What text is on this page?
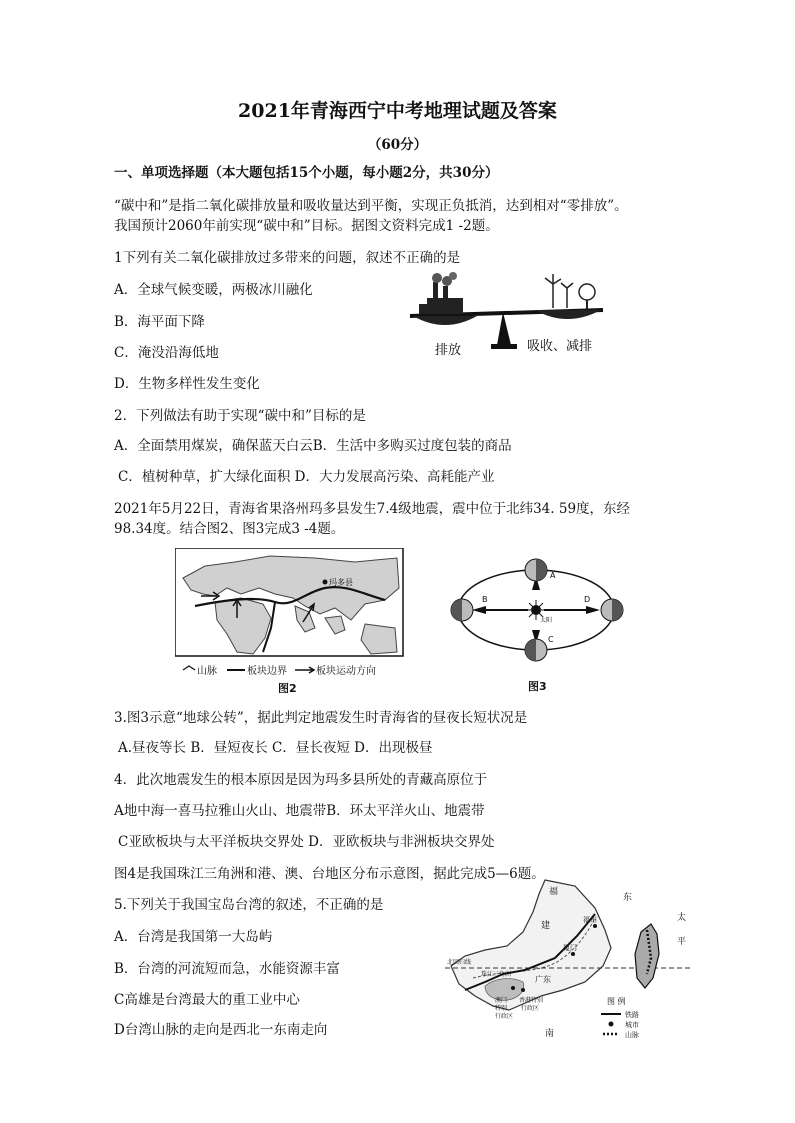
2021年青海西宁中考地理试题及答案
（60分）
一、单项选择题（本大题包括15个小题，每小题2分，共30分）
“碳中和”是指二氧化碳排放量和吸收量达到平衡，实现正负抵消，达到相对“零排放”。
我国预计2060年前实现“碳中和”目标。据图文资料完成1 -2题。
1下列有关二氧化碳排放过多带来的问题，叙述不正确的是
A．全球气候变暖，两极冰川融化
B．海平面下降
C．淹没沿海低地
D．生物多样性发生变化
排放	吸收、减排
2．下列做法有助于实现“碳中和”目标的是
A．全面禁用煤炭，确保蓝天白云B．生活中多购买过度包装的商品
C．植树种草，扩大绿化面积 D．大力发展高污染、高耗能产业
2021年5月22日，青海省果洛州玛多县发生7.4级地震，震中位于北纬34. 59度，东经
98.34度。结合图2、图3完成3 -4题。
玛多县
山脉	板块边界	板块运动方向
图2
太阳
A
B
C
D
图3
3.图3示意“地球公转”，据此判定地震发生时青海省的昼夜长短状况是
A.昼夜等长 B．昼短夜长 C．昼长夜短 D．出现极昼
4．此次地震发生的根本原因是因为玛多县所处的青藏高原位于
A地中海一喜马拉雅山火山、地震带B．环太平洋火山、地震带
C亚欧板块与太平洋板块交界处 D．亚欧板块与非洲板块交界处
图4是我国珠江三角洲和港、澳、台地区分布示意图，据此完成5—6题。
5.下列关于我国宝岛台湾的叙述，不正确的是
A．台湾是我国第一大岛屿
B．台湾的河流短而急，水能资源丰富
C高雄是台湾最大的重工业中心
D台湾山脉的走向是西北一东南走向
福
建
东
太
平
福州
北回归线
珠江三角洲
厦门
澳门
特别
行政区
香港特别
行政区
广东
南
图 例
铁路
城市
山脉
